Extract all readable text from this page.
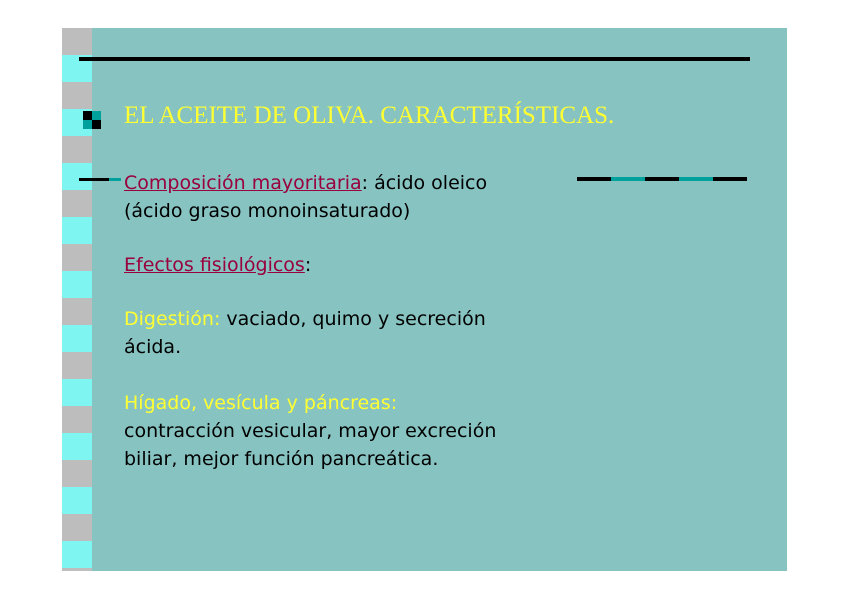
EL ACEITE DE OLIVA. CARACTERÍSTICAS.

Composición mayoritaria: ácido oleico

(ácido graso monoinsaturado)

Efectos fisiológicos:

Digestión: vaciado, quimo y secreción

ácida.

Hígado, vesícula y páncreas:

contracción vesicular, mayor excreción

biliar, mejor función pancreática.
